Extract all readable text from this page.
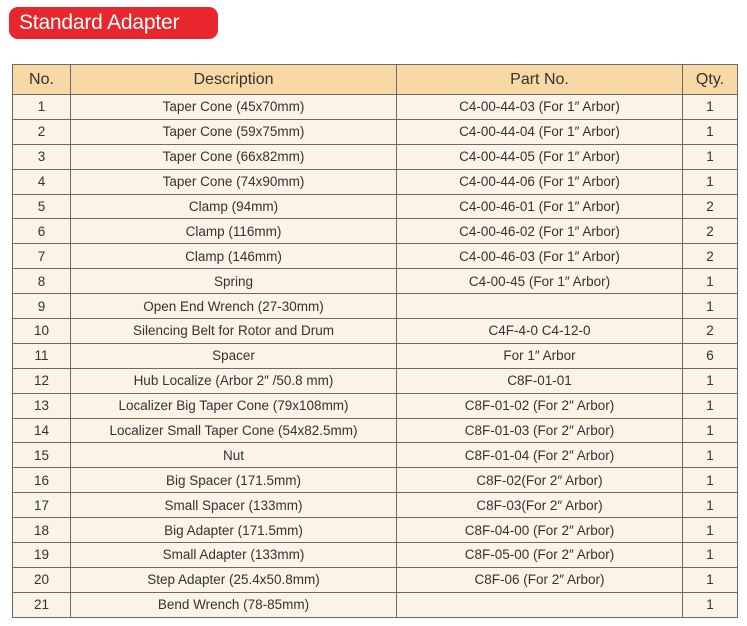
Standard Adapter
No.	Description	Part No.	Qty.
1	Taper Cone (45x70mm)	C4-00-44-03 (For 1″ Arbor)	1
2	Taper Cone (59x75mm)	C4-00-44-04 (For 1″ Arbor)	1
3	Taper Cone (66x82mm)	C4-00-44-05 (For 1″ Arbor)	1
4	Taper Cone (74x90mm)	C4-00-44-06 (For 1″ Arbor)	1
5	Clamp (94mm)	C4-00-46-01 (For 1″ Arbor)	2
6	Clamp (116mm)	C4-00-46-02 (For 1″ Arbor)	2
7	Clamp (146mm)	C4-00-46-03 (For 1″ Arbor)	2
8	Spring	C4-00-45 (For 1″ Arbor)	1
9	Open End Wrench (27-30mm)		1
10	Silencing Belt for Rotor and Drum	C4F-4-0 C4-12-0	2
11	Spacer	For 1″ Arbor	6
12	Hub Localize (Arbor 2″ /50.8 mm)	C8F-01-01	1
13	Localizer Big Taper Cone (79x108mm)	C8F-01-02 (For 2″ Arbor)	1
14	Localizer Small Taper Cone (54x82.5mm)	C8F-01-03 (For 2″ Arbor)	1
15	Nut	C8F-01-04 (For 2″ Arbor)	1
16	Big Spacer (171.5mm)	C8F-02(For 2″ Arbor)	1
17	Small Spacer (133mm)	C8F-03(For 2″ Arbor)	1
18	Big Adapter (171.5mm)	C8F-04-00 (For 2″ Arbor)	1
19	Small Adapter (133mm)	C8F-05-00 (For 2″ Arbor)	1
20	Step Adapter (25.4x50.8mm)	C8F-06 (For 2″ Arbor)	1
21	Bend Wrench (78-85mm)		1
